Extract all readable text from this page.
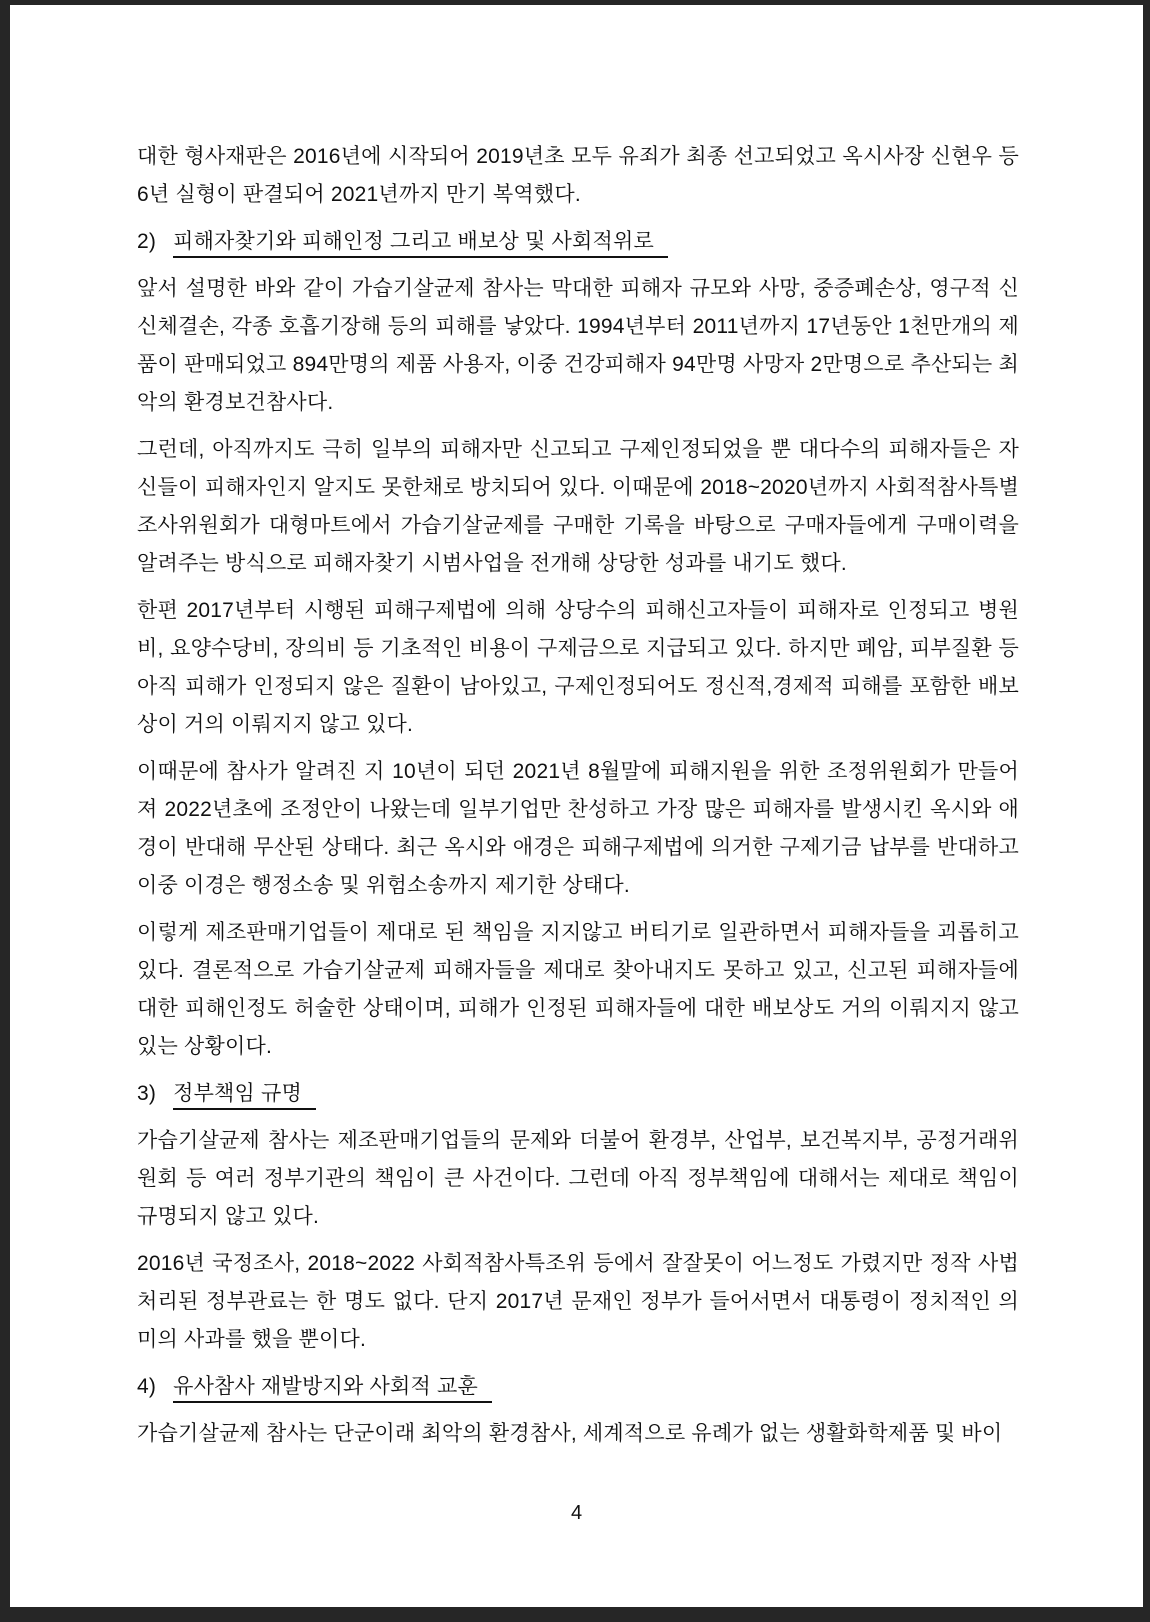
대한 형사재판은 2016년에 시작되어 2019년초 모두 유죄가 최종 선고되었고 옥시사장 신현우 등 6년 실형이 판결되어 2021년까지 만기 복역했다.

2) 피해자찾기와 피해인정 그리고 배보상 및 사회적위로

앞서 설명한 바와 같이 가습기살균제 참사는 막대한 피해자 규모와 사망, 중증폐손상, 영구적 신신체결손, 각종 호흡기장해 등의 피해를 낳았다. 1994년부터 2011년까지 17년동안 1천만개의 제품이 판매되었고 894만명의 제품 사용자, 이중 건강피해자 94만명 사망자 2만명으로 추산되는 최악의 환경보건참사다.

그런데, 아직까지도 극히 일부의 피해자만 신고되고 구제인정되었을 뿐 대다수의 피해자들은 자신들이 피해자인지 알지도 못한채로 방치되어 있다. 이때문에 2018~2020년까지 사회적참사특별조사위원회가 대형마트에서 가습기살균제를 구매한 기록을 바탕으로 구매자들에게 구매이력을 알려주는 방식으로 피해자찾기 시범사업을 전개해 상당한 성과를 내기도 했다.

한편 2017년부터 시행된 피해구제법에 의해 상당수의 피해신고자들이 피해자로 인정되고 병원비, 요양수당비, 장의비 등 기초적인 비용이 구제금으로 지급되고 있다. 하지만 폐암, 피부질환 등 아직 피해가 인정되지 않은 질환이 남아있고, 구제인정되어도 정신적,경제적 피해를 포함한 배보상이 거의 이뤄지지 않고 있다.

이때문에 참사가 알려진 지 10년이 되던 2021년 8월말에 피해지원을 위한 조정위원회가 만들어져 2022년초에 조정안이 나왔는데 일부기업만 찬성하고 가장 많은 피해자를 발생시킨 옥시와 애경이 반대해 무산된 상태다. 최근 옥시와 애경은 피해구제법에 의거한 구제기금 납부를 반대하고 이중 이경은 행정소송 및 위험소송까지 제기한 상태다.

이렇게 제조판매기업들이 제대로 된 책임을 지지않고 버티기로 일관하면서 피해자들을 괴롭히고 있다. 결론적으로 가습기살균제 피해자들을 제대로 찾아내지도 못하고 있고, 신고된 피해자들에 대한 피해인정도 허술한 상태이며, 피해가 인정된 피해자들에 대한 배보상도 거의 이뤄지지 않고 있는 상황이다.

3) 정부책임 규명

가습기살균제 참사는 제조판매기업들의 문제와 더불어 환경부, 산업부, 보건복지부, 공정거래위원회 등 여러 정부기관의 책임이 큰 사건이다. 그런데 아직 정부책임에 대해서는 제대로 책임이 규명되지 않고 있다.

2016년 국정조사, 2018~2022 사회적참사특조위 등에서 잘잘못이 어느정도 가렸지만 정작 사법처리된 정부관료는 한 명도 없다. 단지 2017년 문재인 정부가 들어서면서 대통령이 정치적인 의미의 사과를 했을 뿐이다.

4) 유사참사 재발방지와 사회적 교훈

가습기살균제 참사는 단군이래 최악의 환경참사, 세계적으로 유례가 없는 생활화학제품 및 바이

4
